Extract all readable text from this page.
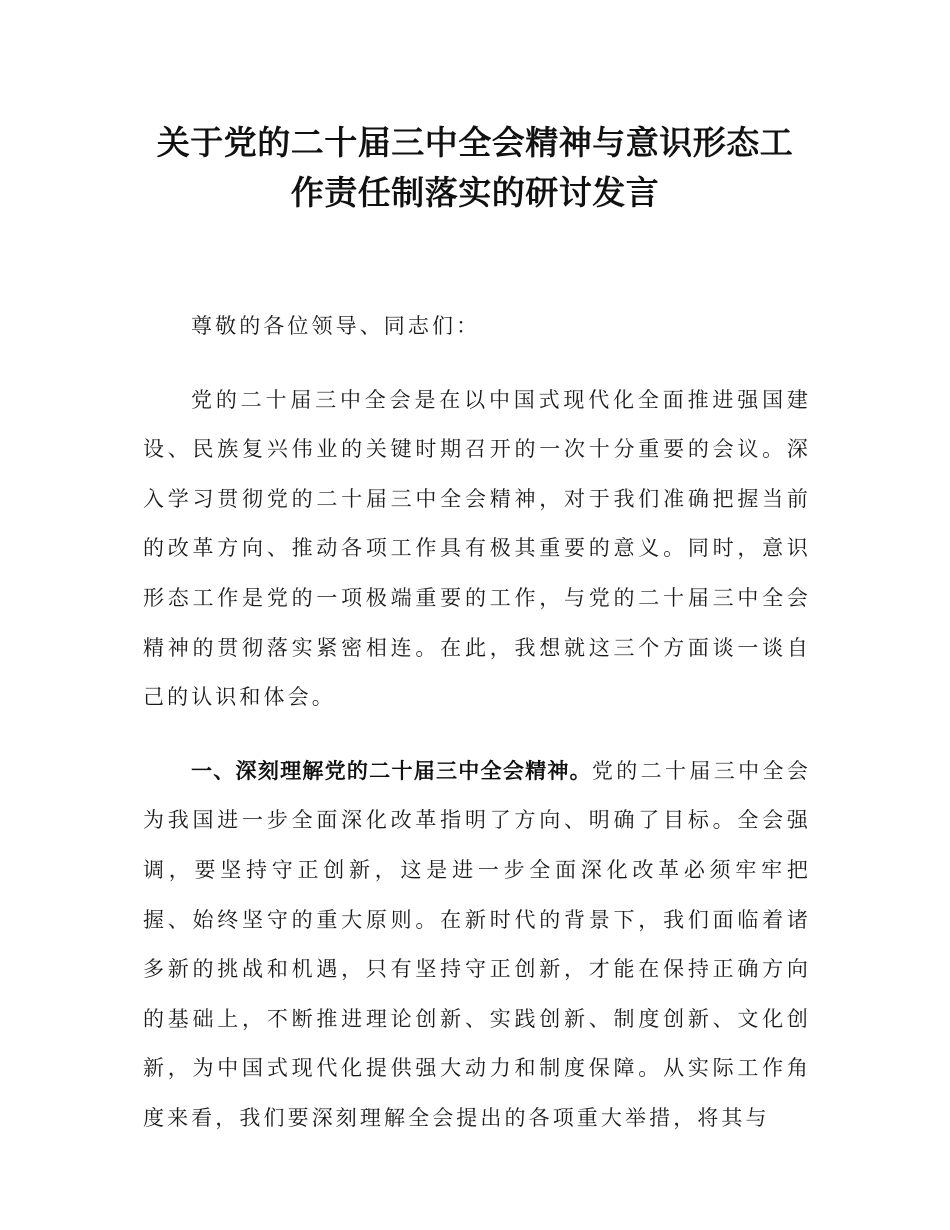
关于党的二十届三中全会精神与意识形态工
作责任制落实的研讨发言

尊敬的各位领导、同志们：

党的二十届三中全会是在以中国式现代化全面推进强国建设、民族复兴伟业的关键时期召开的一次十分重要的会议。深入学习贯彻党的二十届三中全会精神，对于我们准确把握当前的改革方向、推动各项工作具有极其重要的意义。同时，意识形态工作是党的一项极端重要的工作，与党的二十届三中全会精神的贯彻落实紧密相连。在此，我想就这三个方面谈一谈自己的认识和体会。

一、深刻理解党的二十届三中全会精神。党的二十届三中全会为我国进一步全面深化改革指明了方向、明确了目标。全会强调，要坚持守正创新，这是进一步全面深化改革必须牢牢把握、始终坚守的重大原则。在新时代的背景下，我们面临着诸多新的挑战和机遇，只有坚持守正创新，才能在保持正确方向的基础上，不断推进理论创新、实践创新、制度创新、文化创新，为中国式现代化提供强大动力和制度保障。从实际工作角度来看，我们要深刻理解全会提出的各项重大举措，将其与
